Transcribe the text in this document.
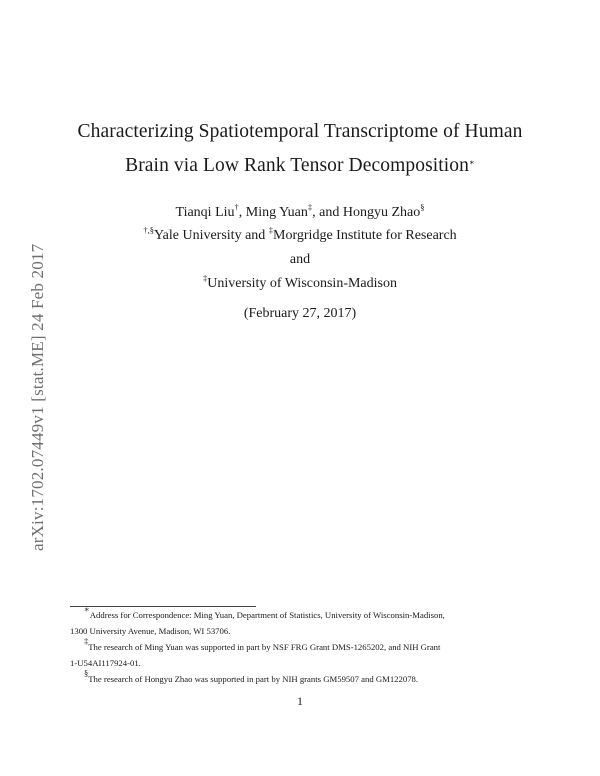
arXiv:1702.07449v1 [stat.ME] 24 Feb 2017
Characterizing Spatiotemporal Transcriptome of Human
Brain via Low Rank Tensor Decomposition∗
Tianqi Liu†, Ming Yuan‡, and Hongyu Zhao§
†,§Yale University and ‡Morgridge Institute for Research
and
‡University of Wisconsin-Madison
(February 27, 2017)
∗Address for Correspondence: Ming Yuan, Department of Statistics, University of Wisconsin-Madison,
1300 University Avenue, Madison, WI 53706.
‡The research of Ming Yuan was supported in part by NSF FRG Grant DMS-1265202, and NIH Grant
1-U54AI117924-01.
§The research of Hongyu Zhao was supported in part by NIH grants GM59507 and GM122078.
1
